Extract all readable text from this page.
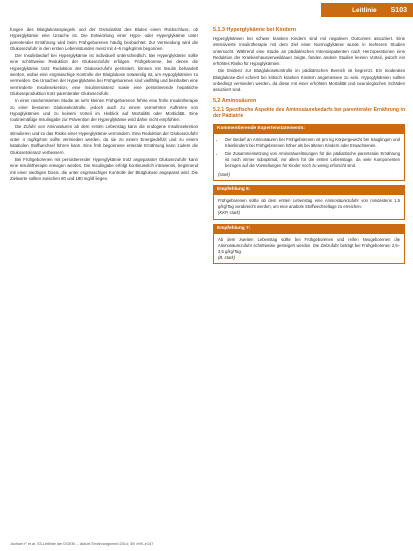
Leitlinie S103

fungen des Blutglukosespiegels und der Osmolarität des Blutes einen Rückschluss, ob Hyperglykämie eine Ursache ist. Die Entwicklung einer Hypo- oder Hyperglykämie unter parenteraler Ernährung wird beim Frühgeborenen häufig beobachtet. Zur Vermeidung wird die Glukosezufuhr in den ersten Lebensstunden meist mit 4–6 mg/kg/min begonnen.

Der Insulinbedarf bei Hyperglykämie ist individuell unterschiedlich. Bei Hyperglykämie sollte eine schrittweise Reduktion der Glukosezufuhr erfolgen. Frühgeborene, bei denen die Hyperglykämie trotz Reduktion der Glukosezufuhr persistiert, können mit Insulin behandelt werden, wobei eine engmaschige Kontrolle der Blutglukose notwendig ist, um Hypoglykämien zu vermeiden. Die Ursachen der Hyperglykämie bei Frühgeborenen sind vielfältig und beinhalten eine verminderte Insulinsekretion, eine Insulinresistenz sowie eine persistierende hepatische Glukoseproduktion trotz parenteraler Glukosezufuhr.

In einer randomisierten Studie an sehr kleinen Frühgeborenen führte eine frühe Insulintherapie zu einer besseren Glukosekontrolle, jedoch auch zu einem vermehrten Auftreten von Hypoglykämien und zu keinem Vorteil im Hinblick auf Mortalität oder Morbidität. Eine routinemäßige Insulingabe zur Prävention der Hyperglykämie wird daher nicht empfohlen.

Die Zufuhr von Aminosäuren ab dem ersten Lebenstag kann die endogene Insulinsekretion stimulieren und so das Risiko einer Hyperglykämie vermindern. Eine Reduktion der Glukosezufuhr unter 4 mg/kg/min sollte vermieden werden, da sie zu einem Energiedefizit und zu einem katabolen Stoffwechsel führen kann. Eine früh begonnene enterale Ernährung kann zudem die Glukosetoleranz verbessern.

Bei Frühgeborenen mit persistierender Hyperglykämie trotz angepasster Glukosezufuhr kann eine Insulintherapie erwogen werden. Die Insulingabe erfolgt kontinuierlich intravenös, beginnend mit einer niedrigen Dosis, die unter engmaschiger Kontrolle der Blutglukose angepasst wird. Die Zielwerte sollten zwischen 80 und 180 mg/dl liegen.

5.1.3 Hyperglykämie bei Kindern

Hyperglykämien bei schwer kranken Kindern sind mit negativen Outcomes assoziiert. Eine intensivierte Insulintherapie mit dem Ziel einer Normoglykämie wurde in mehreren Studien untersucht. Während eine Studie an pädiatrischen Intensivpatienten nach Herzoperationen eine Reduktion der Krankenhausverweildauer zeigte, fanden andere Studien keinen Vorteil, jedoch ein erhöhtes Risiko für Hypoglykämien.

Die Evidenz zur Blutglukosekontrolle im pädiatrischen Bereich ist begrenzt. Ein moderates Blutglukose-Ziel scheint bei kritisch kranken Kindern angemessen zu sein. Hypoglykämien sollten unbedingt vermieden werden, da diese mit einer erhöhten Mortalität und neurologischen Schäden assoziiert sind.

5.2 Aminosäuren
5.2.1 Spezifische Aspekte des Aminosäurebedarfs bei parenteraler Ernährung in der Pädiatrie
Kommentierende Expertenstatements:
• Der Bedarf an Aminosäuren bei Frühgeborenen ist pro kg Körpergewicht bei Säuglingen und Kleinkindern bei Frühgeborenen höher als bei älteren Kindern oder Erwachsenen.
• Die Zusammensetzung von Aminosäurelösungen für die pädiatrische parenterale Ernährung ist noch immer suboptimal, vor allem für die ersten Lebenstage, da viele Komponenten bezogen auf die Vorstellungen für Kinder noch zu wenig erforscht sind.
(stark)
Empfehlung 6:
Frühgeborenen sollte ab dem ersten Lebenstag eine Aminosäurezufuhr von mindestens 1,5 g/kg/Tag verabreicht werden, um eine anabole Stoffwechsellage zu erreichen.
(KKP, stark)
Empfehlung 7:
Ab dem zweiten Lebenstag sollte bei Frühgeborenen und reifen Neugeborenen die Aminosäurezufuhr schrittweise gesteigert werden. Die Zielzufuhr beträgt bei Frühgeborenen 2,5–3,5 g/kg/Tag.
(B, stark)
Jochum F et al. S3-Leitlinie der DGEM ... Aktuel Ernährungsmed 2014; 39: e99–e147
